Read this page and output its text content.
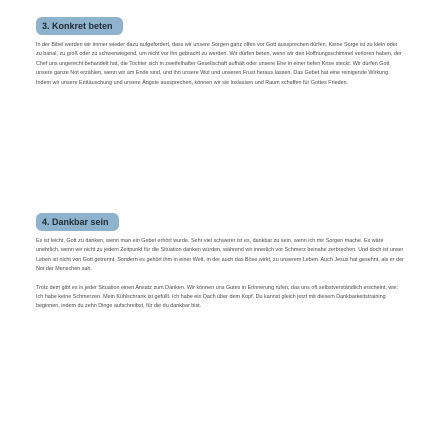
3. Konkret beten

In der Bibel werden wir immer wieder dazu aufgefordert, dass wir unsere Sorgen ganz offen vor Gott aussprechen dürfen. Keine Sorge ist zu klein oder zu banal, zu groß oder zu schwerwiegend, um nicht vor ihn gebracht zu werden. Wir dürfen beten, wenn wir den Hoffnungsschimmel verloren haben, der Chef uns ungerecht behandelt hat, die Tochter sich in zweifelhafter Gesellschaft aufhält oder unsere Ehe in einer tiefen Krise steckt. Wir dürfen Gott unsere ganze Not erzählen, wenn wir am Ende sind, und ihn unsere Wut und unseren Frust heraus lassen. Das Gebet hat eine reinigende Wirkung. Indem wir unsere Enttäuschung und unsere Ängste aussprechen, können wir sie loslassen und Raum schaffen für Gottes Frieden.

4. Dankbar sein

Es ist leicht, Gott zu danken, wenn man ein Gebet erhört wurde. Sehr viel schwerer ist es, dankbar zu sein, wenn ich mir Sorgen mache. Es wäre unehrlich, wenn wir nicht zu jedem Zeitpunkt für die Situation danken würden, während wir innerlich vor Schmerz beinahe zerbrechen. Und doch ist unser Leben ist nicht von Gott getrennt. Sondern es gehört ihm in einer Welt, in der auch das Böse wirkt, zu unserem Leben. Auch Jesus hat gesehnt, als er der Not der Menschen sah.

Trotz dem gibt es in jeder Situation einen Ansatz zum Danken. Wir können uns Gutes in Erinnerung rufen, das uns oft selbstverständlich erscheint, wie: Ich habe keine Schmerzen. Mein Kühlschrank ist gefüllt. Ich habe ein Dach über dem Kopf. Du kannst gleich jetzt mit diesem Dankbarkeitstraining beginnen, indem du zehn Dinge aufschreibst, für die du dankbar bist.
